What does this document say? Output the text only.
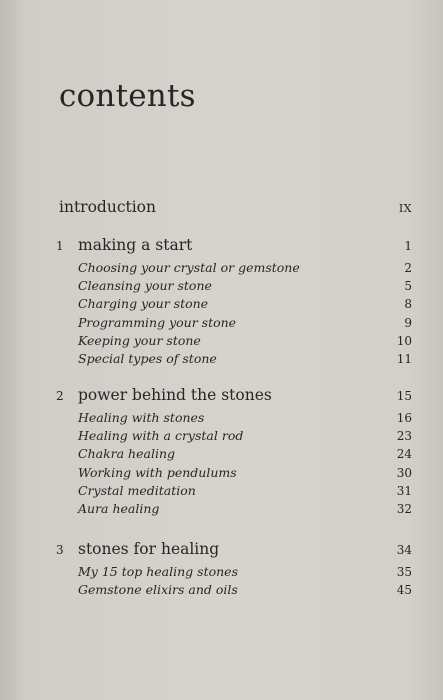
contents
introduction	IX
1 making a start	1
Choosing your crystal or gemstone	2
Cleansing your stone	5
Charging your stone	8
Programming your stone	9
Keeping your stone	10
Special types of stone	11
2 power behind the stones	15
Healing with stones	16
Healing with a crystal rod	23
Chakra healing	24
Working with pendulums	30
Crystal meditation	31
Aura healing	32
3 stones for healing	34
My 15 top healing stones	35
Gemstone elixirs and oils	45
